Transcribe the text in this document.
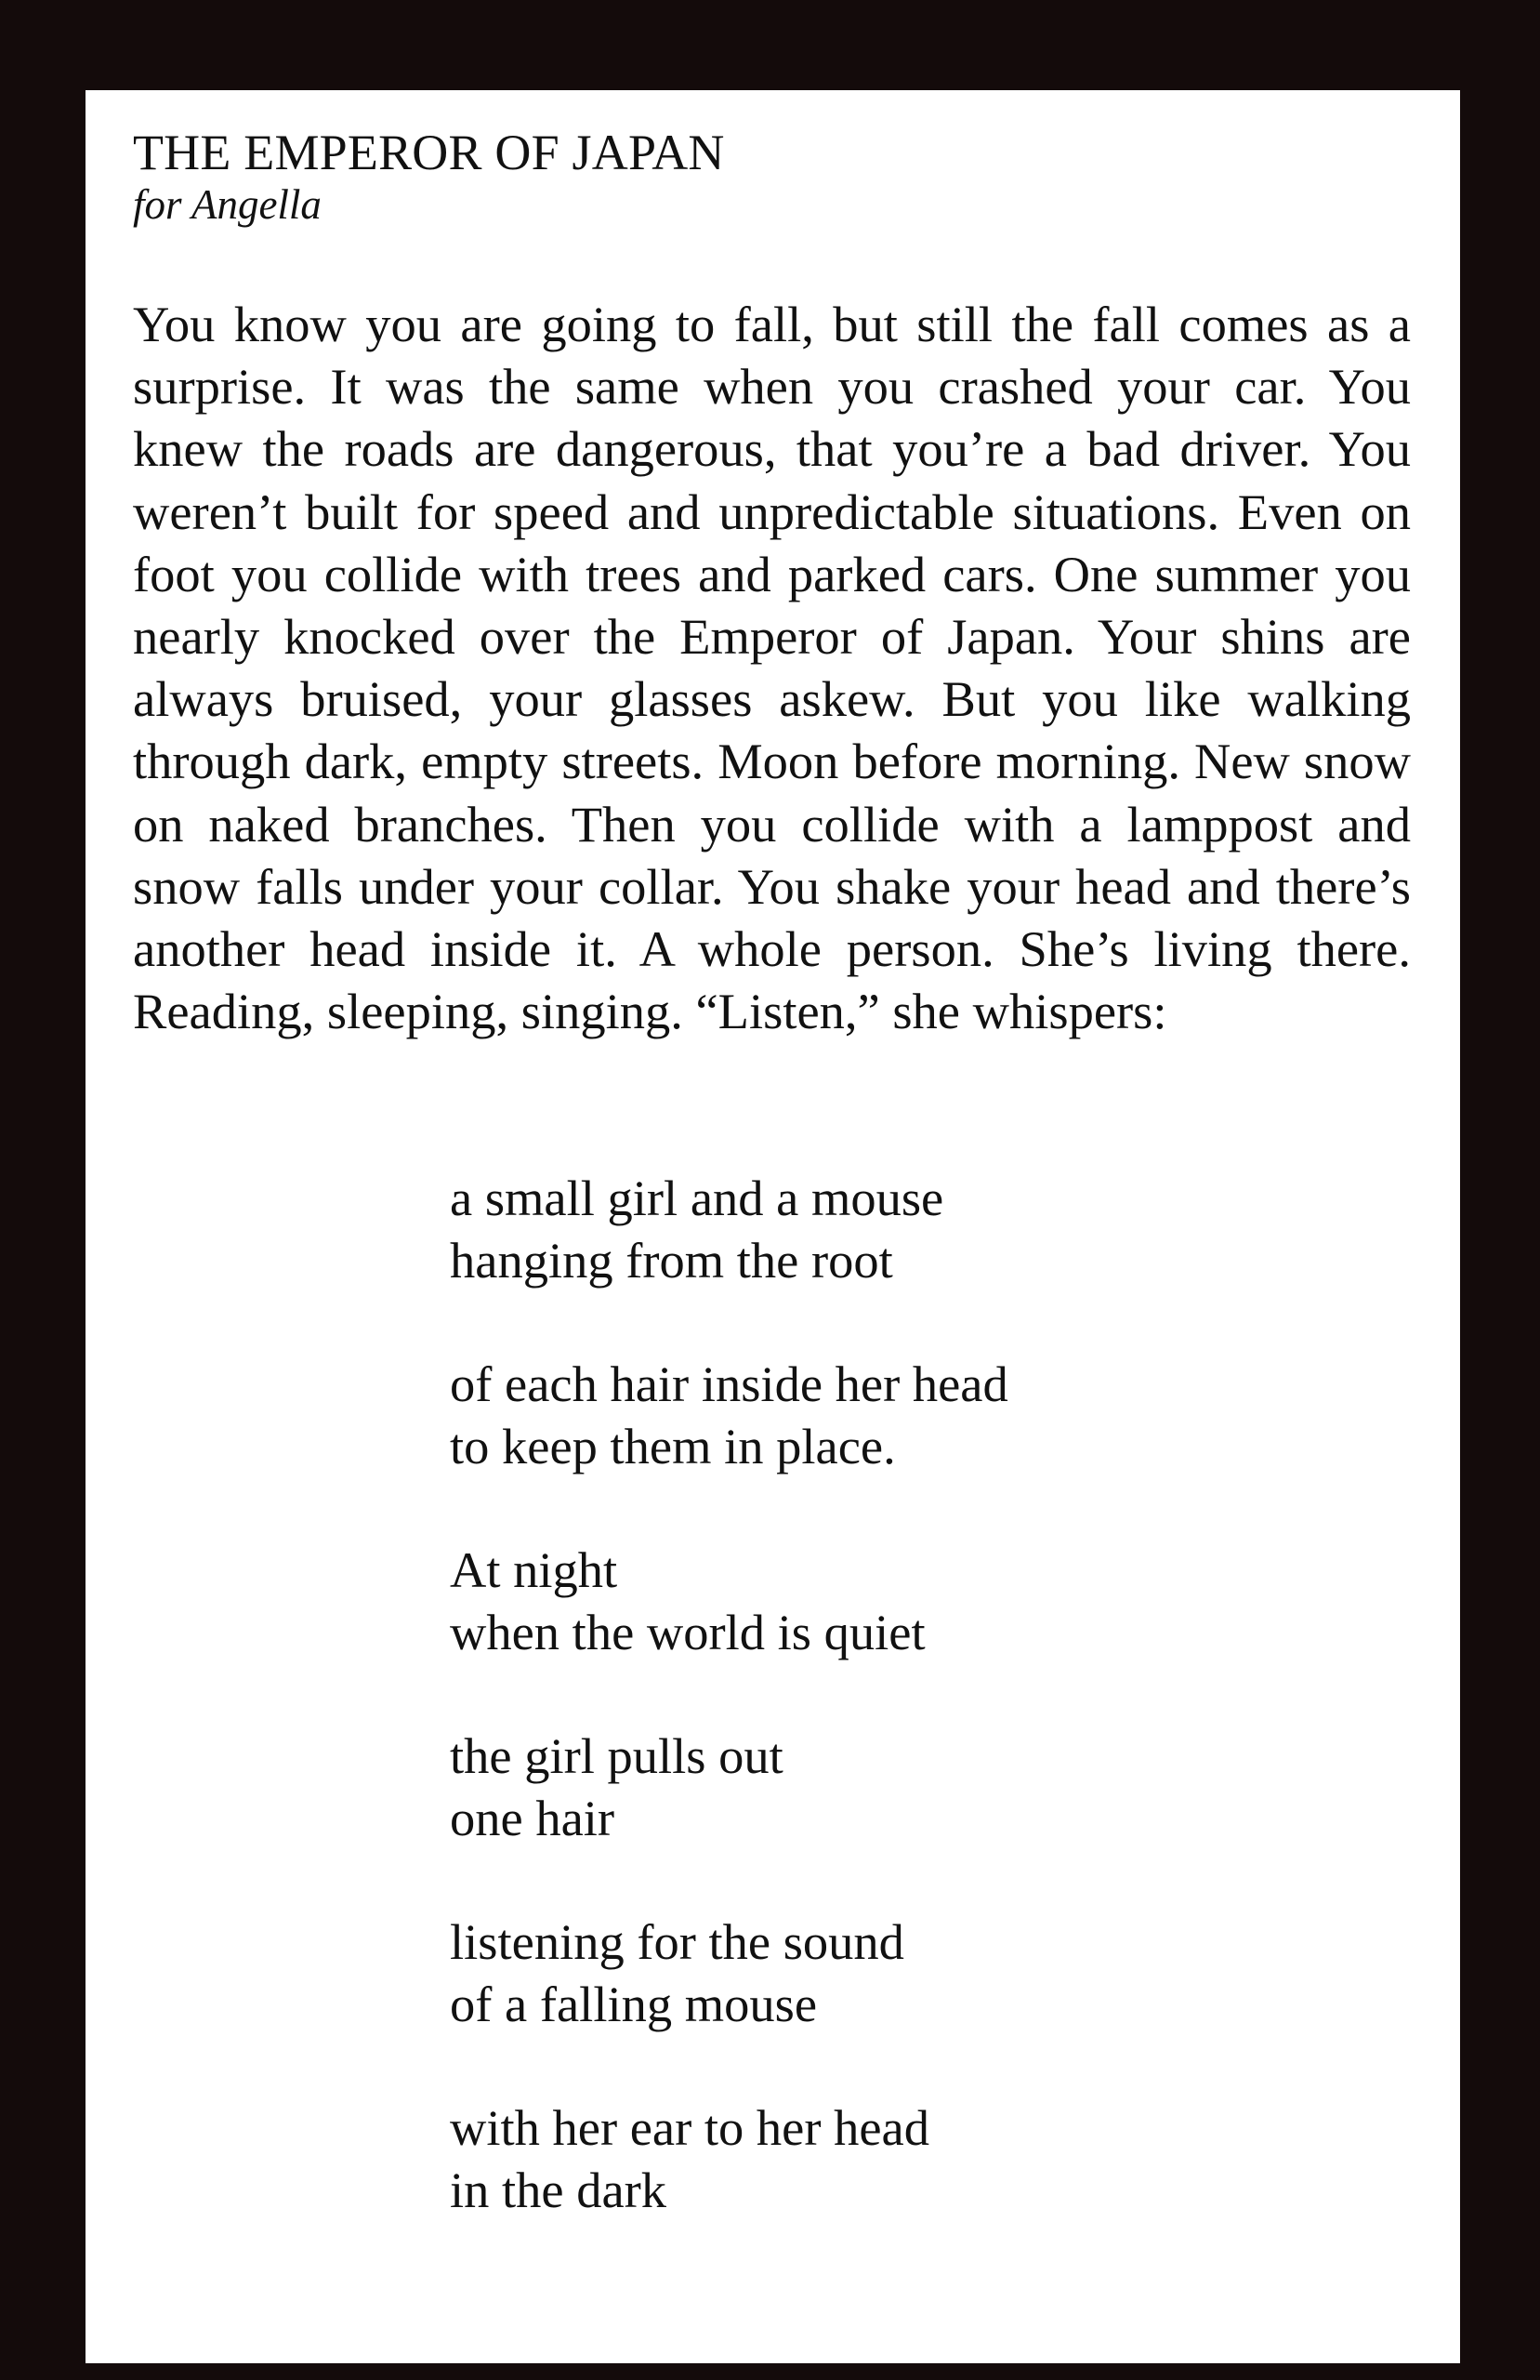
THE EMPEROR OF JAPAN
for Angella

You know you are going to fall, but still the fall comes as a surprise. It was the same when you crashed your car. You knew the roads are dangerous, that you’re a bad driver. You weren’t built for speed and unpredictable situations. Even on foot you collide with trees and parked cars. One summer you nearly knocked over the Emperor of Japan. Your shins are always bruised, your glasses askew. But you like walking through dark, empty streets. Moon before morning. New snow on naked branches. Then you collide with a lamppost and snow falls under your collar. You shake your head and there’s another head inside it. A whole person. She’s living there. Reading, sleeping, singing. “Listen,” she whispers:

a small girl and a mouse
hanging from the root
of each hair inside her head
to keep them in place.
At night
when the world is quiet
the girl pulls out
one hair
listening for the sound
of a falling mouse
with her ear to her head
in the dark
